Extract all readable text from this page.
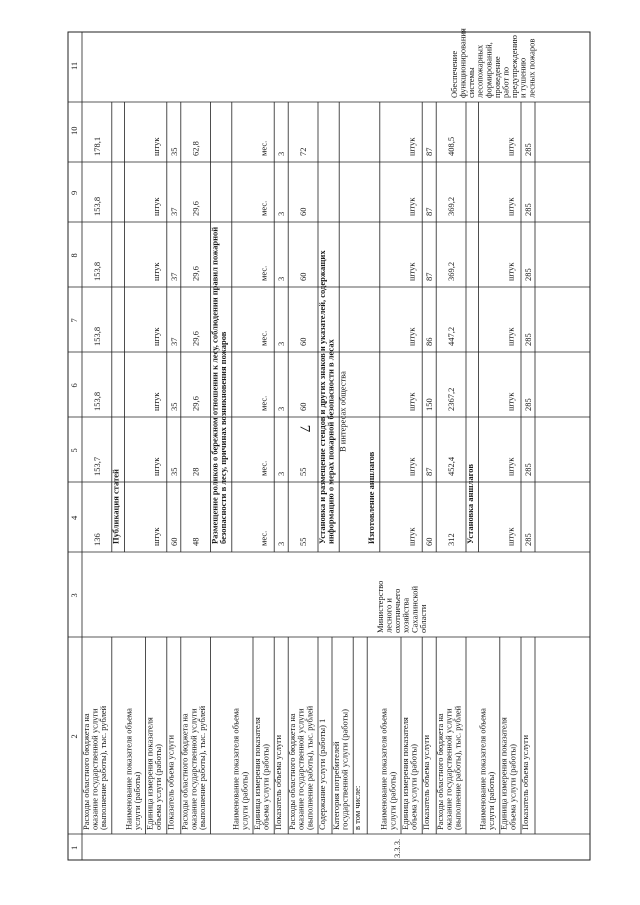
7
1
2
3
4
5
6
7
8
9
10
11
Расходы областного бюджета на
оказание государственной услуги
(выполнение работы), тыс. рублей
136
153,7
153,8
153,8
153,8
153,8
178,1
Публикация статей
Наименование показателя объема
услуги (работы) Единица измерения показателя
объема услуги (работы)
штук
штук
штук
штук
штук
штук
штук
Показатель объема услуги
60
35
35
37
37
37
35
Расходы областного бюджета на
оказание государственной услуги
(выполнение работы), тыс. рублей
48
28
29,6
29,6
29,6
29,6
62,8
Размещение роликов о бережном отношении к лесу, соблюдении правил пожарной
безопасности в лесу, причинах возникновения пожаров
Наименование показателя объема
услуги (работы) Единица измерения показателя
объема услуги (работы)
мес.
мес.
мес.
мес.
мес.
мес.
мес.
Показатель объема услуги
3
3
3
3
3
3
3
Расходы областного бюджета на
оказание государственной услуги
(выполнение работы), тыс. рублей
55
55
60
60
60
60
72
Установка и размещение стендов и других знаков и указателей, содержащих
информацию о мерах пожарной безопасности в лесах
Содержание услуги (работы) 1 Категория потребителей
государственной услуги (работы)
В интересах общества
в том числе:
Изготовление аншлагов
3.3.3.
Наименование показателя объема
услуги (работы) Единица измерения показателя
объема услуги (работы)
штук
штук
штук
штук
штук
штук
штук
Показатель объема услуги
60
87
150
86
87
87
87
Расходы областного бюджета на
оказание государственной услуги
(выполнение работы), тыс. рублей
312
452,4
2367,2
447,2
369,2
369,2
408,5
Установка аншлагов
Наименование показателя объема
услуги (работы) Единица измерения показателя
объема услуги (работы)
штук
штук
штук
штук
штук
штук
штук
Показатель объема услуги
285
285
285
285
285
285
285
Министерство
лесного и
охотничьего
хозяйства
Сахалинской
области
Обеспечение
функционирования
системы
лесопожарных
формирований,
проведение
работ по
предупреждению
и тушению
лесных пожаров
